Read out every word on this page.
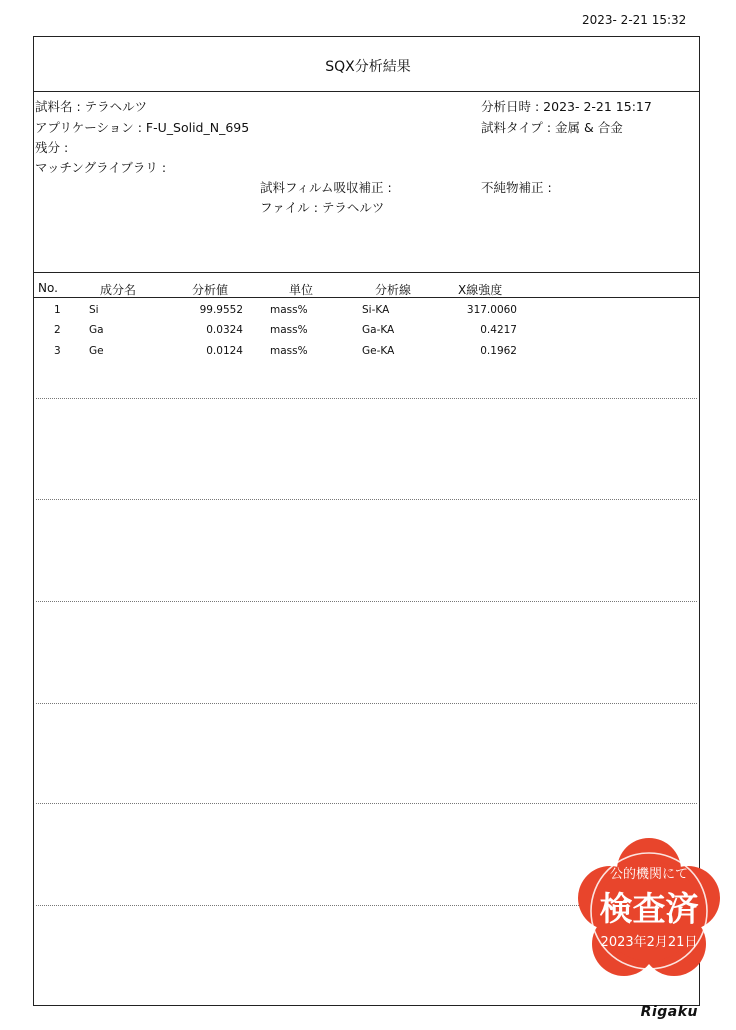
2023- 2-21 15:32
SQX分析結果
試料名 : テラヘルツ
アプリケーション : F-U_Solid_N_695
残分 :
マッチングライブラリ :
分析日時 : 2023- 2-21 15:17
試料タイプ : 金属 & 合金
試料フィルム吸収補正 :
ファイル : テラヘルツ
不純物補正 :
No.	成分名	分析値	単位	分析線	X線強度
1	Si	99.9552	mass%	Si-KA	317.0060
2	Ga	0.0324	mass%	Ga-KA	0.4217
3	Ge	0.0124	mass%	Ge-KA	0.1962
公的機関にて
検査済
2023年2月21日
Rigaku
